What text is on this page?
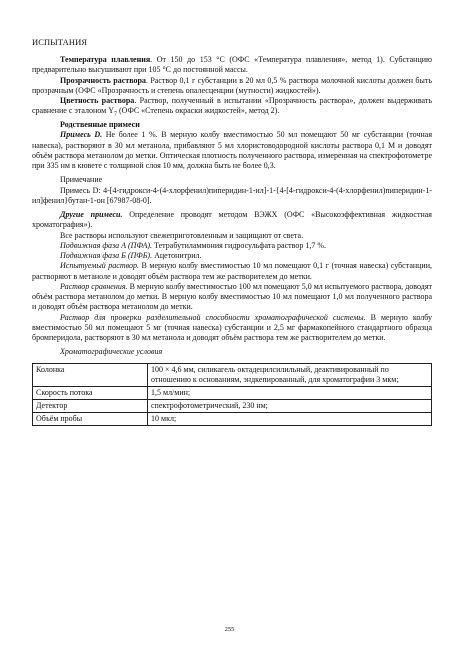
ИСПЫТАНИЯ

Температура плавления. От 150 до 153 °C (ОФС «Температура плавления», метод 1). Субстанцию предварительно высушивают при 105 °C до постоянной массы.

Прозрачность раствора. Раствор 0,1 г субстанции в 20 мл 0,5 % раствора молочной кислоты должен быть прозрачным (ОФС «Прозрачность и степень опалесценции (мутности) жидкостей»).

Цветность раствора. Раствор, полученный в испытании «Прозрачность раствора», должен выдерживать сравнение с эталоном $Y_7$ (ОФС «Степень окраски жидкостей», метод 2).

Родственные примеси

Примесь D. Не более 1 %. В мерную колбу вместимостью 50 мл помещают 50 мг субстанции (точная навеска), растворяют в 30 мл метанола, прибавляют 5 мл хлористоводородной кислоты раствора 0,1 М и доводят объём раствора метанолом до метки. Оптическая плотность полученного раствора, измеренная на спектрофотометре при 335 нм в кювете с толщиной слоя 10 мм, должна быть не более 0,3.

Примечание

Примесь D: 4-[4-гидрокси-4-(4-хлорфенил)пиперидин-1-ил]-1-{4-[4-гидрокси-4-(4-хлорфенил)пиперидин-1-ил]фенил}бутан-1-он [67987-08-0].

Другие примеси. Определение проводят методом ВЭЖХ (ОФС «Высокоэффективная жидкостная хроматография»).

Все растворы используют свежеприготовленным и защищают от света.

Подвижная фаза А (ПФА). Тетрабутиламмония гидросульфата раствор 1,7 %.

Подвижная фаза Б (ПФБ). Ацетонитрил.

Испытуемый раствор. В мерную колбу вместимостью 10 мл помещают 0,1 г (точная навеска) субстанции, растворяют в метаноле и доводят объём раствора тем же растворителем до метки.

Раствор сравнения. В мерную колбу вместимостью 100 мл помещают 5,0 мл испытуемого раствора, доводят объём раствора метанолом до метки. В мерную колбу вместимостью 10 мл помещают 1,0 мл полученного раствора и доводят объём раствора метанолом до метки.

Раствор для проверки разделительной способности хроматографической системы. В мерную колбу вместимостью 50 мл помещают 5 мг (точная навеска) субстанции и 2,5 мг фармакопейного стандартного образца бромперидола, растворяют в 30 мл метанола и доводят объём раствора тем же растворителем до метки.

Хроматографические условия

Колонка	100 × 4,6 мм, силикагель октадецилсилильный, деактивированный по отношению к основаниям, эндкепированный, для хроматографии 3 мкм;
Скорость потока	1,5 мл/мин;
Детектор	спектрофотометрический, 230 нм;
Объём пробы	10 мкл;
255
